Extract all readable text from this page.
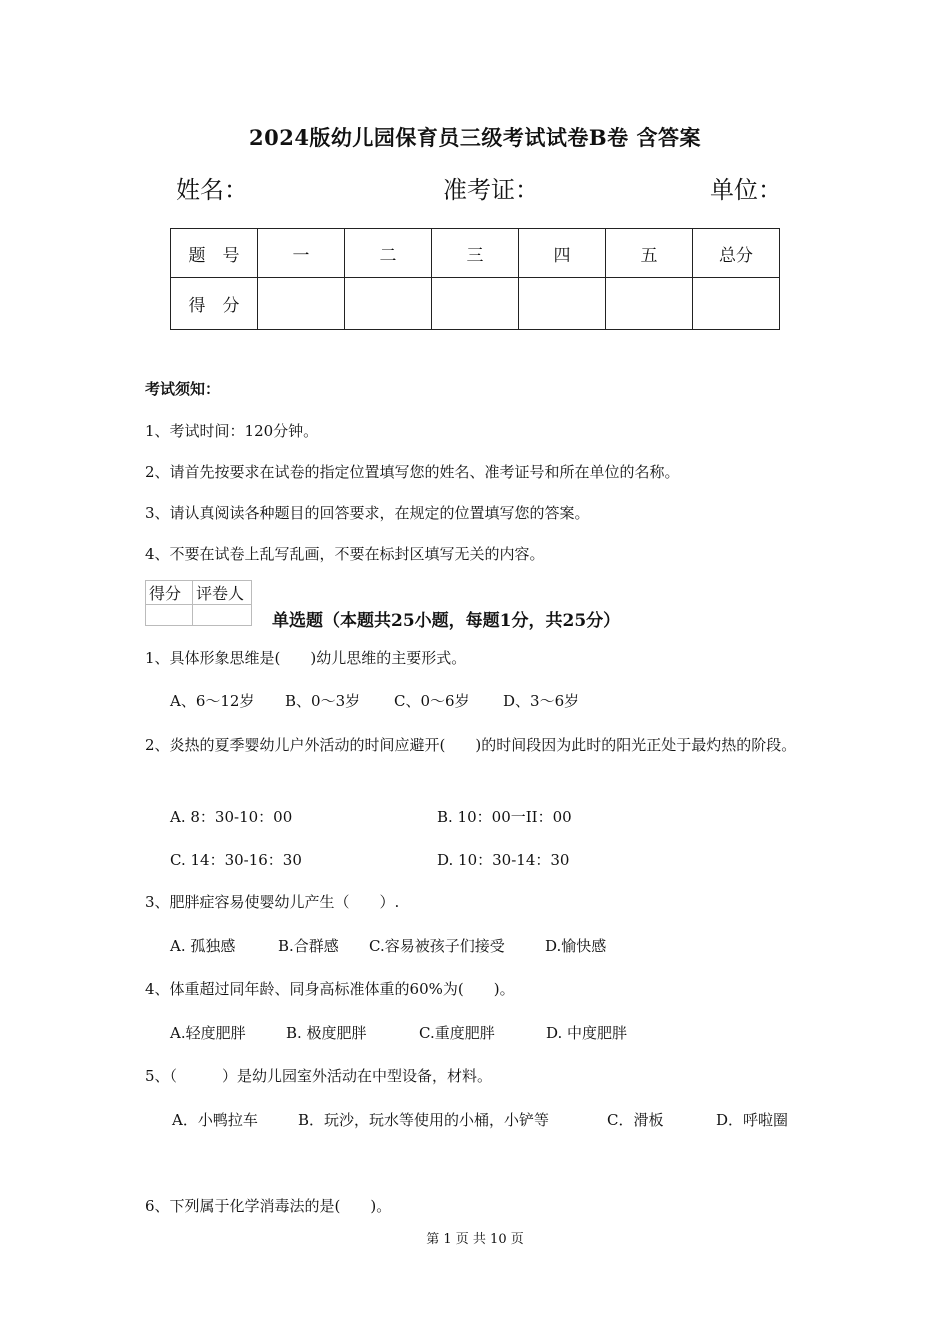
2024版幼儿园保育员三级考试试卷B卷 含答案
姓名：	准考证：	单位：
题　号	一	二	三	四	五	总分
得　分						
考试须知：
1、考试时间：120分钟。
2、请首先按要求在试卷的指定位置填写您的姓名、准考证号和所在单位的名称。
3、请认真阅读各种题目的回答要求，在规定的位置填写您的答案。
4、不要在试卷上乱写乱画，不要在标封区填写无关的内容。
得分	评卷人

单选题（本题共25小题，每题1分，共25分）
1、具体形象思维是(　　)幼儿思维的主要形式。
A、6～12岁 B、0～3岁 C、0～6岁 D、3～6岁
2、炎热的夏季婴幼儿户外活动的时间应避开(　　)的时间段因为此时的阳光正处于最灼热的阶段。
A. 8：30-10：00	B. 10：00一II：00
C. 14：30-16：30	D. 10：30-14：30
3、肥胖症容易使婴幼儿产生（　　）.
A. 孤独感	B.合群感 C.容易被孩子们接受	D.愉快感
4、体重超过同年龄、同身高标准体重的60%为(　　)。
A.轻度肥胖	B. 极度肥胖	C.重度肥胖	D. 中度肥胖
5、（　　　）是幼儿园室外活动在中型设备，材料。
A．小鸭拉车	B．玩沙，玩水等使用的小桶，小铲等	C．滑板	D．呼啦圈
6、下列属于化学消毒法的是(　　)。
第 1 页 共 10 页
